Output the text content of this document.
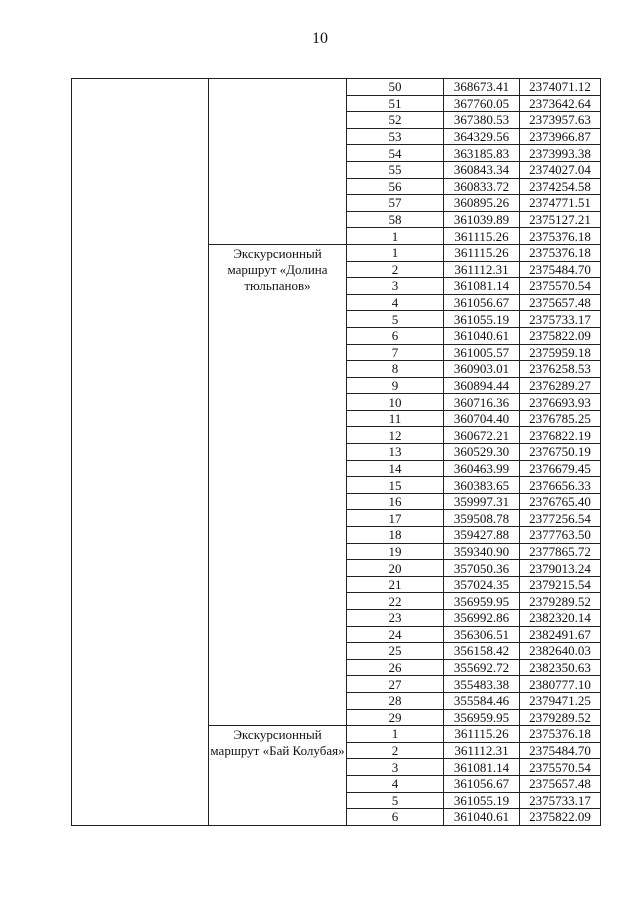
10
		50	368673.41	2374071.12
		51	367760.05	2373642.64
		52	367380.53	2373957.63
		53	364329.56	2373966.87
		54	363185.83	2373993.38
		55	360843.34	2374027.04
		56	360833.72	2374254.58
		57	360895.26	2374771.51
		58	361039.89	2375127.21
		1	361115.26	2375376.18
	Экскурсионный маршрут «Долина тюльпанов»	1	361115.26	2375376.18
		2	361112.31	2375484.70
		3	361081.14	2375570.54
		4	361056.67	2375657.48
		5	361055.19	2375733.17
		6	361040.61	2375822.09
		7	361005.57	2375959.18
		8	360903.01	2376258.53
		9	360894.44	2376289.27
		10	360716.36	2376693.93
		11	360704.40	2376785.25
		12	360672.21	2376822.19
		13	360529.30	2376750.19
		14	360463.99	2376679.45
		15	360383.65	2376656.33
		16	359997.31	2376765.40
		17	359508.78	2377256.54
		18	359427.88	2377763.50
		19	359340.90	2377865.72
		20	357050.36	2379013.24
		21	357024.35	2379215.54
		22	356959.95	2379289.52
		23	356992.86	2382320.14
		24	356306.51	2382491.67
		25	356158.42	2382640.03
		26	355692.72	2382350.63
		27	355483.38	2380777.10
		28	355584.46	2379471.25
		29	356959.95	2379289.52
	Экскурсионный маршрут «Бай Колубая»	1	361115.26	2375376.18
		2	361112.31	2375484.70
		3	361081.14	2375570.54
		4	361056.67	2375657.48
		5	361055.19	2375733.17
		6	361040.61	2375822.09
